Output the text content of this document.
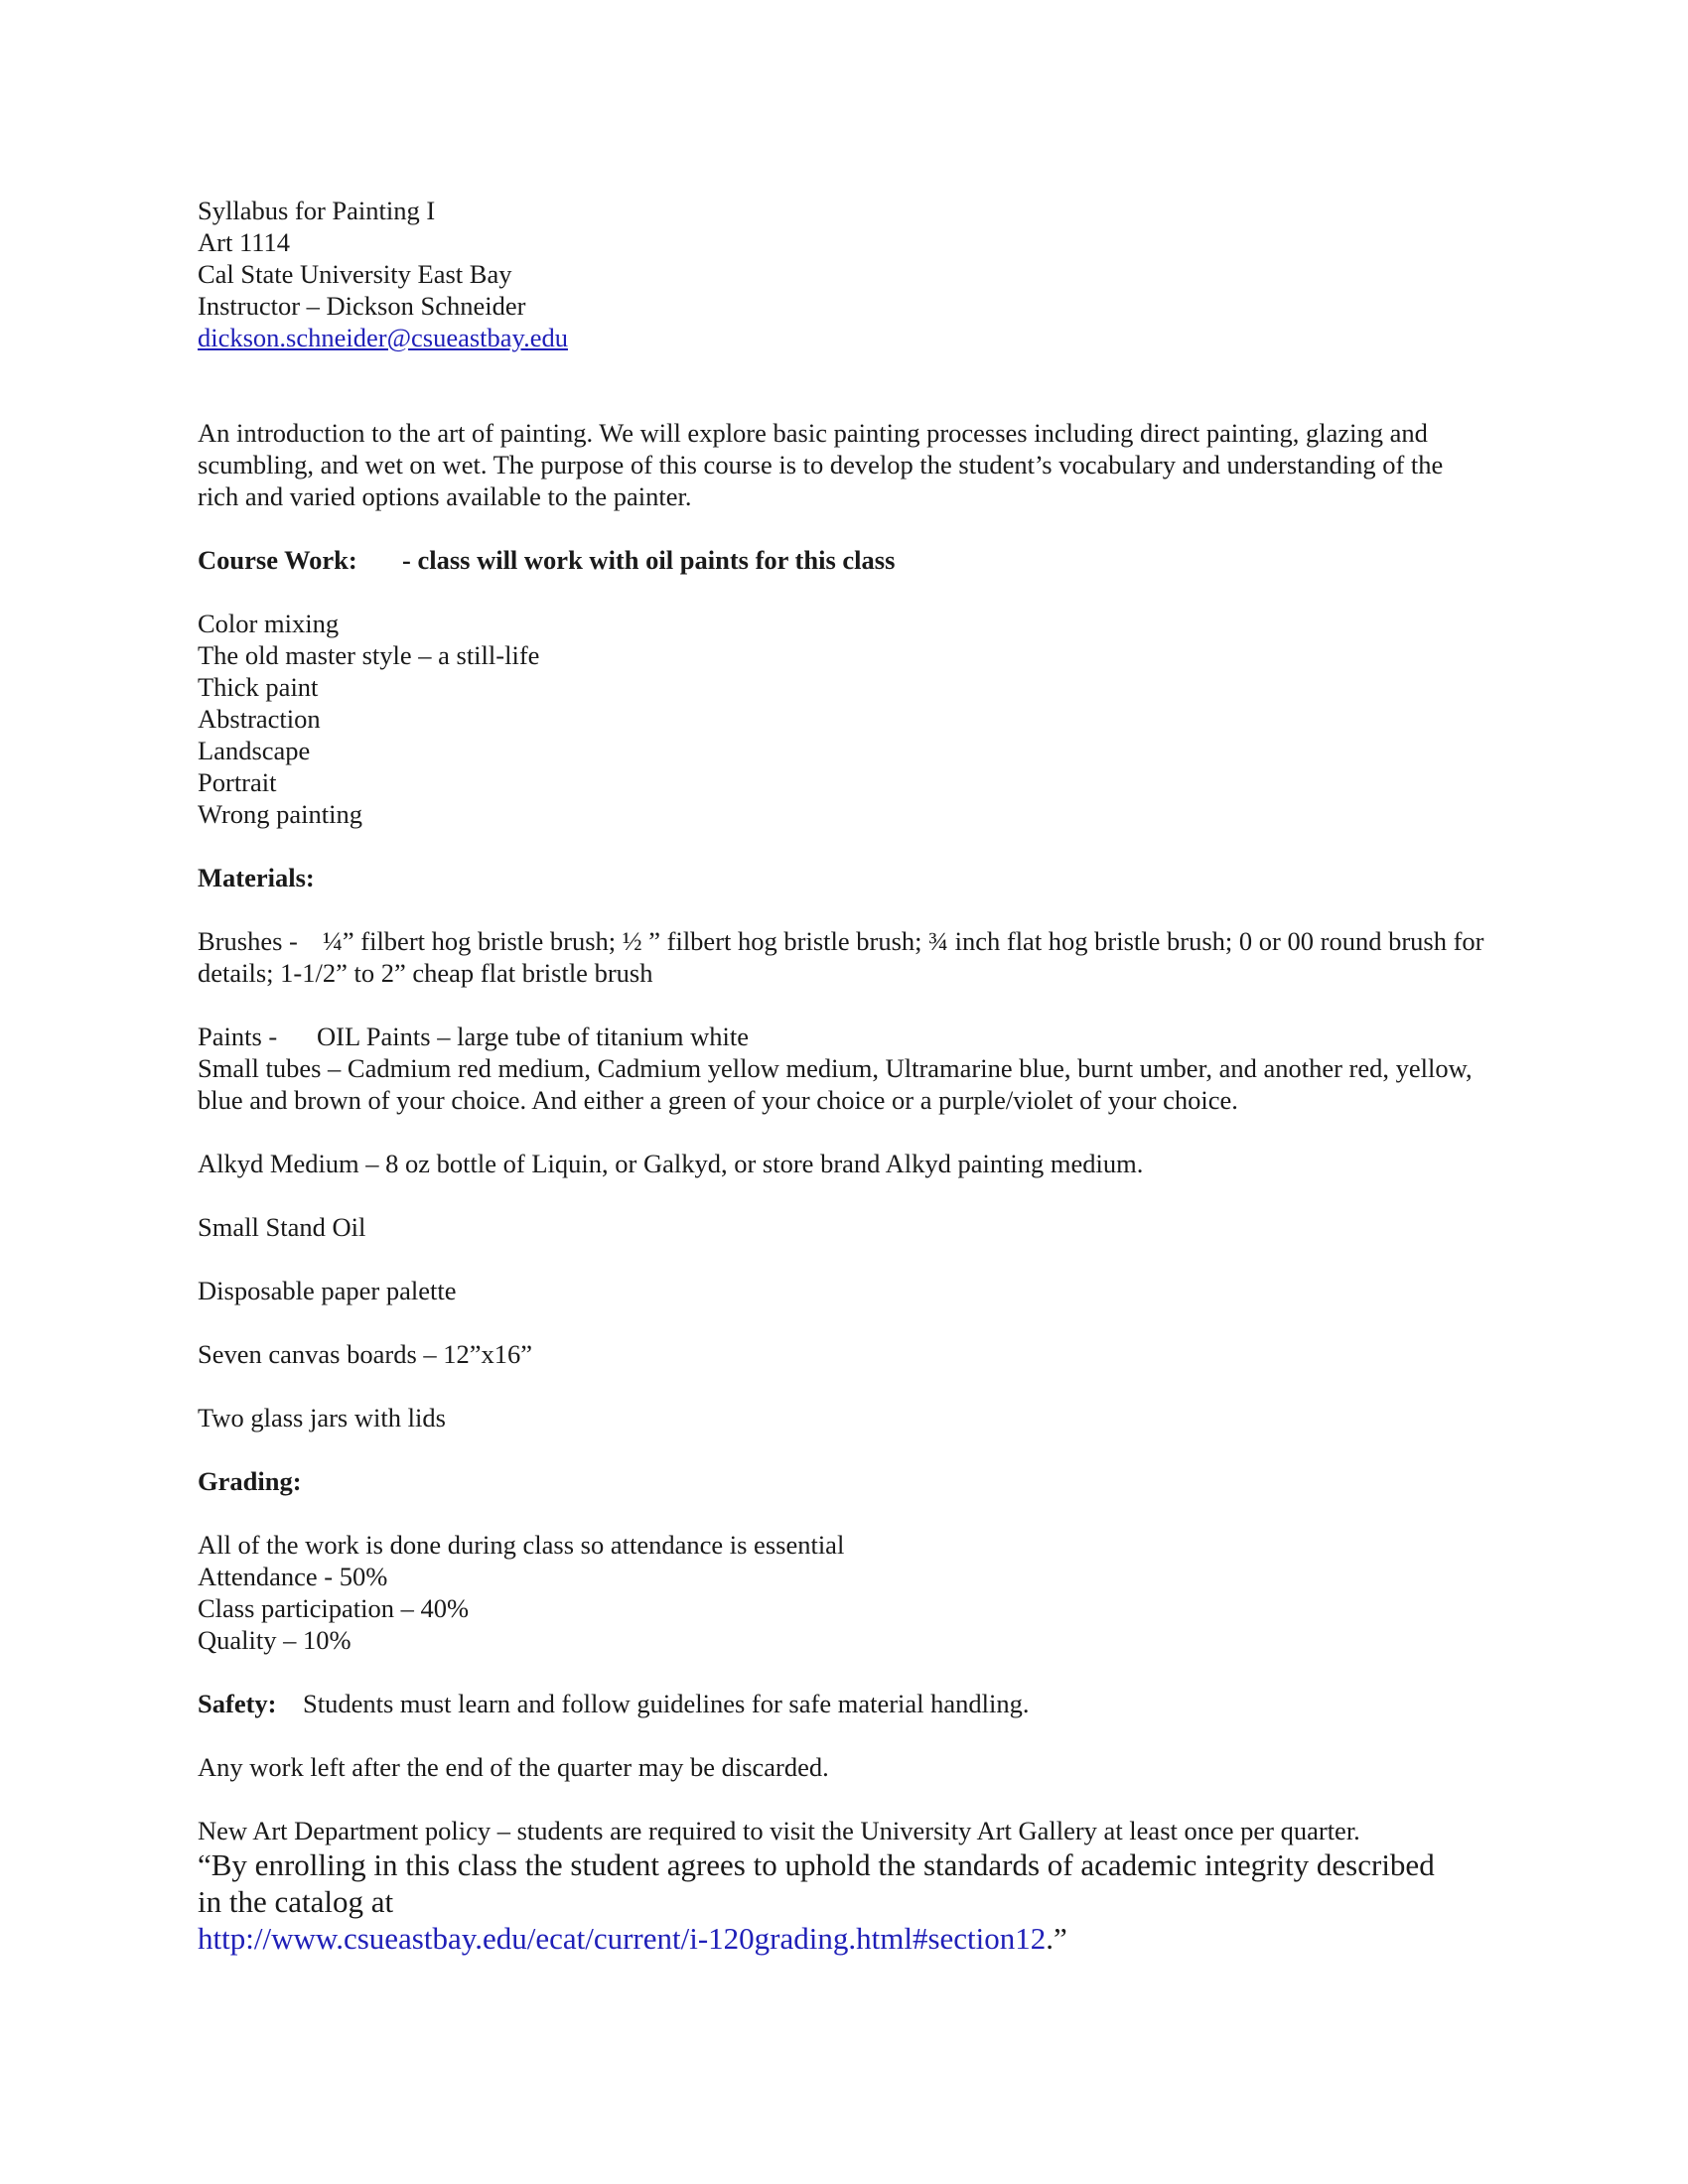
Syllabus for Painting I
Art 1114
Cal State University East Bay
Instructor – Dickson Schneider
dickson.schneider@csueastbay.edu
An introduction to the art of painting. We will explore basic painting processes including direct painting, glazing and scumbling, and wet on wet. The purpose of this course is to develop the student’s vocabulary and understanding of the rich and varied options available to the painter.
Course Work: - class will work with oil paints for this class
Color mixing
The old master style – a still-life
Thick paint
Abstraction
Landscape
Portrait
Wrong painting
Materials:
Brushes - ¼” filbert hog bristle brush; ½ ” filbert hog bristle brush; ¾ inch flat hog bristle brush; 0 or 00 round brush for details; 1-1/2” to 2” cheap flat bristle brush
Paints - OIL Paints – large tube of titanium white
Small tubes – Cadmium red medium, Cadmium yellow medium, Ultramarine blue, burnt umber, and another red, yellow, blue and brown of your choice. And either a green of your choice or a purple/violet of your choice.
Alkyd Medium – 8 oz bottle of Liquin, or Galkyd, or store brand Alkyd painting medium.
Small Stand Oil
Disposable paper palette
Seven canvas boards – 12”x16”
Two glass jars with lids
Grading:
All of the work is done during class so attendance is essential
Attendance - 50%
Class participation – 40%
Quality – 10%
Safety: Students must learn and follow guidelines for safe material handling.
Any work left after the end of the quarter may be discarded.
New Art Department policy – students are required to visit the University Art Gallery at least once per quarter.
“By enrolling in this class the student agrees to uphold the standards of academic integrity described in the catalog at
http://www.csueastbay.edu/ecat/current/i-120grading.html#section12.”
